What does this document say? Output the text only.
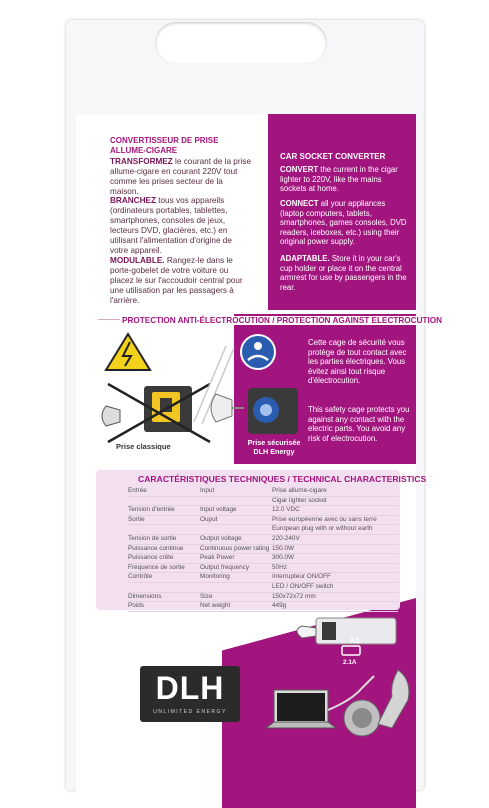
CONVERTISSEUR DE PRISE
ALLUME-CIGARE
TRANSFORMEZ le courant de la prise allume-cigare en courant 220V tout comme les prises secteur de la maison.
BRANCHEZ tous vos appareils (ordinateurs portables, tablettes, smartphones, consoles de jeux, lecteurs DVD, glacières, etc.) en utilisant l'alimentation d'origine de votre appareil.
MODULABLE. Rangez-le dans le porte-gobelet de votre voiture ou placez le sur l'accoudoir central pour une utilisation par les passagers à l'arrière.
CAR SOCKET CONVERTER
CONVERT the current in the cigar lighter to 220V, like the mains sockets at home.
CONNECT all your appliances (laptop computers, tablets, smartphones, games consoles, DVD readers, iceboxes, etc.) using their original power supply.
ADAPTABLE. Store it in your car's cup holder or place it on the central armrest for use by passengers in the rear.
PROTECTION ANTI-ÉLECTROCUTION / PROTECTION AGAINST ELECTROCUTION
Prise classique	Prise sécurisée
DLH Energy
Cette cage de sécurité vous protège de tout contact avec les parties électriques. Vous évitez ainsi tout risque d'électrocution.
This safety cage protects you against any contact with the electric parts. You avoid any risk of electrocution.
CARACTÉRISTIQUES TECHNIQUES / TECHNICAL CHARACTERISTICS
Entrée	Input	Prise allume-cigare
Cigar lighter socket
Tension d'entrée	Input voltage	12.0 VDC
Sortie	Ouput	Prise européenne avec ou sans terre
European plug with or without earth
Tension de sortie	Output voltage	220-240V
Puissance continue	Continuous power rating 150.0W
Puissance crête	Peak Power	300.0W
Fréquence de sortie Output frequency	50Hz
Contrôle	Monitoring	Interrupteur ON/OFF
LED / ON/OFF switch
Dimensions	Size	150x72x72 mm
Poids	Net weight	449g
DLH
UNLIMITED ENERGY
X1
2.1A
